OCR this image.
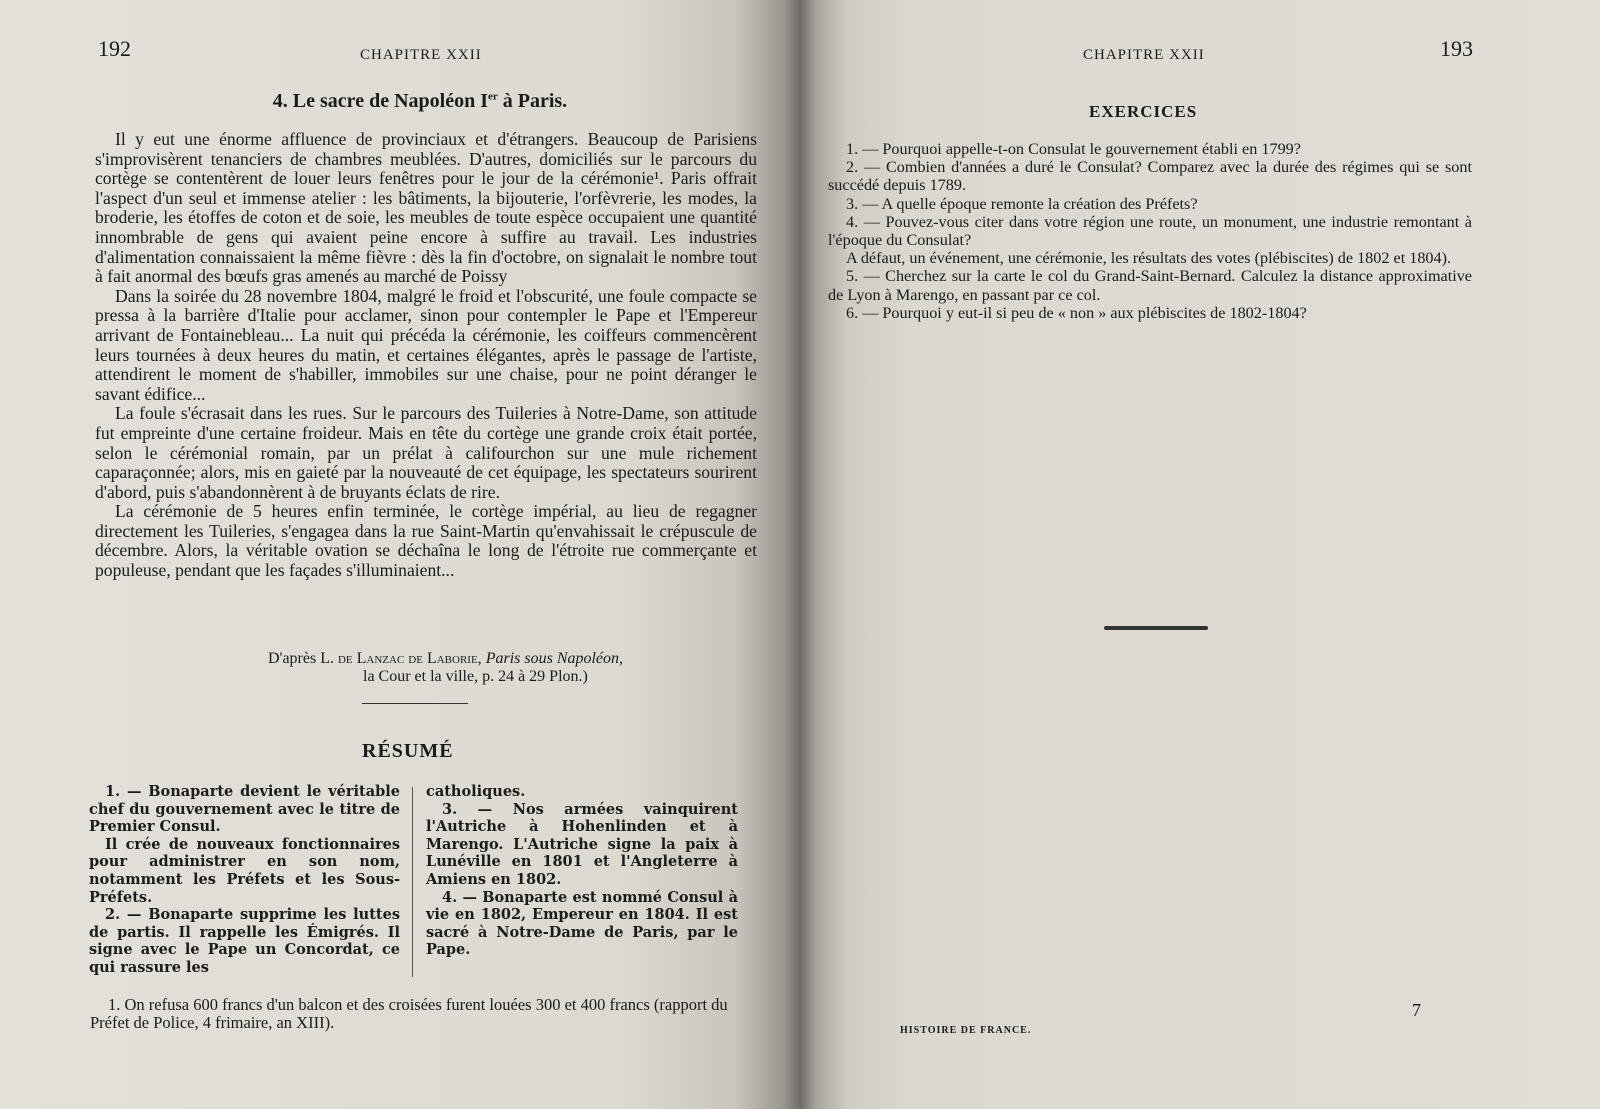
192	CHAPITRE XXII
4. Le sacre de Napoléon Ier à Paris.

Il y eut une énorme affluence de provinciaux et d'étrangers. Beaucoup de Parisiens s'improvisèrent tenanciers de chambres meublées. D'autres, domiciliés sur le parcours du cortège se contentèrent de louer leurs fenêtres pour le jour de la cérémonie¹. Paris offrait l'aspect d'un seul et immense atelier : les bâtiments, la bijouterie, l'orfèvrerie, les modes, la broderie, les étoffes de coton et de soie, les meubles de toute espèce occupaient une quantité innombrable de gens qui avaient peine encore à suffire au travail. Les industries d'alimentation connaissaient la même fièvre : dès la fin d'octobre, on signalait le nombre tout à fait anormal des bœufs gras amenés au marché de Poissy

Dans la soirée du 28 novembre 1804, malgré le froid et l'obscurité, une foule compacte se pressa à la barrière d'Italie pour acclamer, sinon pour contempler le Pape et l'Empereur arrivant de Fontainebleau... La nuit qui précéda la cérémonie, les coiffeurs commencèrent leurs tournées à deux heures du matin, et certaines élégantes, après le passage de l'artiste, attendirent le moment de s'habiller, immobiles sur une chaise, pour ne point déranger le savant édifice...

La foule s'écrasait dans les rues. Sur le parcours des Tuileries à Notre-Dame, son attitude fut empreinte d'une certaine froideur. Mais en tête du cortège une grande croix était portée, selon le cérémonial romain, par un prélat à califourchon sur une mule richement caparaçonnée; alors, mis en gaieté par la nouveauté de cet équipage, les spectateurs sourirent d'abord, puis s'abandonnèrent à de bruyants éclats de rire.

La cérémonie de 5 heures enfin terminée, le cortège impérial, au lieu de regagner directement les Tuileries, s'engagea dans la rue Saint-Martin qu'envahissait le crépuscule de décembre. Alors, la véritable ovation se déchaîna le long de l'étroite rue commerçante et populeuse, pendant que les façades s'illuminaient...

D'après L. de Lanzac de Laborie, Paris sous Napoléon,
la Cour et la ville, p. 24 à 29 Plon.)
RÉSUMÉ

1. — Bonaparte devient le véritable chef du gouvernement avec le titre de Premier Consul.

Il crée de nouveaux fonctionnaires pour administrer en son nom, notamment les Préfets et les Sous-Préfets.

2. — Bonaparte supprime les luttes de partis. Il rappelle les Émigrés. Il signe avec le Pape un Concordat, ce qui rassure les

catholiques.

3. — Nos armées vainquirent l'Autriche à Hohenlinden et à Marengo. L'Autriche signe la paix à Lunéville en 1801 et l'Angleterre à Amiens en 1802.

4. — Bonaparte est nommé Consul à vie en 1802, Empereur en 1804. Il est sacré à Notre-Dame de Paris, par le Pape.

1. On refusa 600 francs d'un balcon et des croisées furent louées 300 et 400 francs (rapport du Préfet de Police, 4 frimaire, an XIII).
CHAPITRE XXII	193
EXERCICES

1. — Pourquoi appelle-t-on Consulat le gouvernement établi en 1799?

2. — Combien d'années a duré le Consulat? Comparez avec la durée des régimes qui se sont succédé depuis 1789.

3. — A quelle époque remonte la création des Préfets?

4. — Pouvez-vous citer dans votre région une route, un monument, une industrie remontant à l'époque du Consulat?

A défaut, un événement, une cérémonie, les résultats des votes (plébiscites) de 1802 et 1804).

5. — Cherchez sur la carte le col du Grand-Saint-Bernard. Calculez la distance approximative de Lyon à Marengo, en passant par ce col.

6. — Pourquoi y eut-il si peu de « non » aux plébiscites de 1802-1804?

HISTOIRE DE FRANCE.
7
